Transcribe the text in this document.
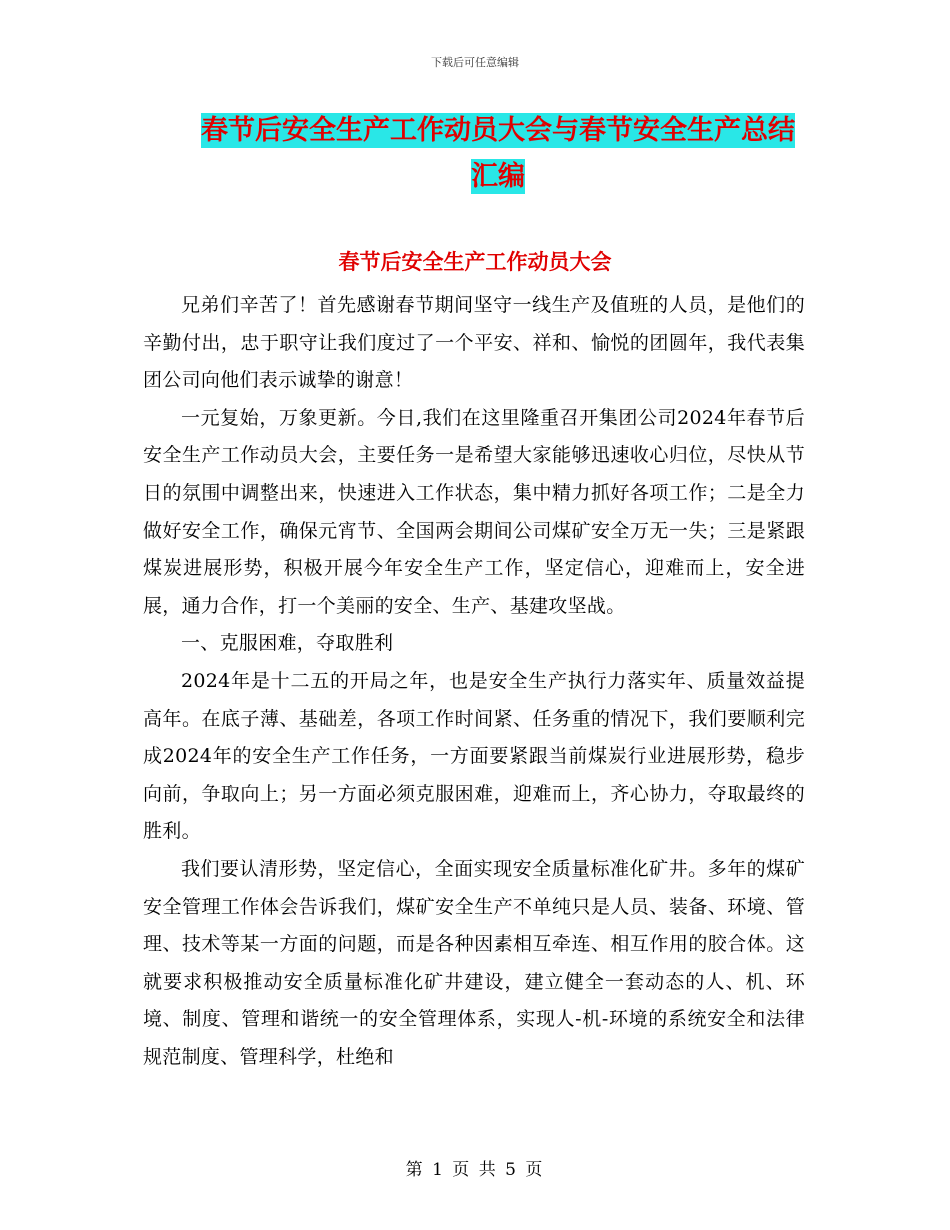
下载后可任意编辑
春节后安全生产工作动员大会与春节安全生产总结汇编
春节后安全生产工作动员大会

兄弟们辛苦了！首先感谢春节期间坚守一线生产及值班的人员，是他们的辛勤付出，忠于职守让我们度过了一个平安、祥和、愉悦的团圆年，我代表集团公司向他们表示诚挚的谢意！

一元复始，万象更新。今日,我们在这里隆重召开集团公司2024年春节后安全生产工作动员大会，主要任务一是希望大家能够迅速收心归位，尽快从节日的氛围中调整出来，快速进入工作状态，集中精力抓好各项工作；二是全力做好安全工作，确保元宵节、全国两会期间公司煤矿安全万无一失；三是紧跟煤炭进展形势，积极开展今年安全生产工作，坚定信心，迎难而上，安全进展，通力合作，打一个美丽的安全、生产、基建攻坚战。

一、克服困难，夺取胜利

2024年是十二五的开局之年，也是安全生产执行力落实年、质量效益提高年。在底子薄、基础差，各项工作时间紧、任务重的情况下，我们要顺利完成2024年的安全生产工作任务，一方面要紧跟当前煤炭行业进展形势，稳步向前，争取向上；另一方面必须克服困难，迎难而上，齐心协力，夺取最终的胜利。

我们要认清形势，坚定信心，全面实现安全质量标准化矿井。多年的煤矿安全管理工作体会告诉我们，煤矿安全生产不单纯只是人员、装备、环境、管理、技术等某一方面的问题，而是各种因素相互牵连、相互作用的胶合体。这就要求积极推动安全质量标准化矿井建设，建立健全一套动态的人、机、环境、制度、管理和谐统一的安全管理体系，实现人-机-环境的系统安全和法律规范制度、管理科学，杜绝和

第 1 页 共 5 页
